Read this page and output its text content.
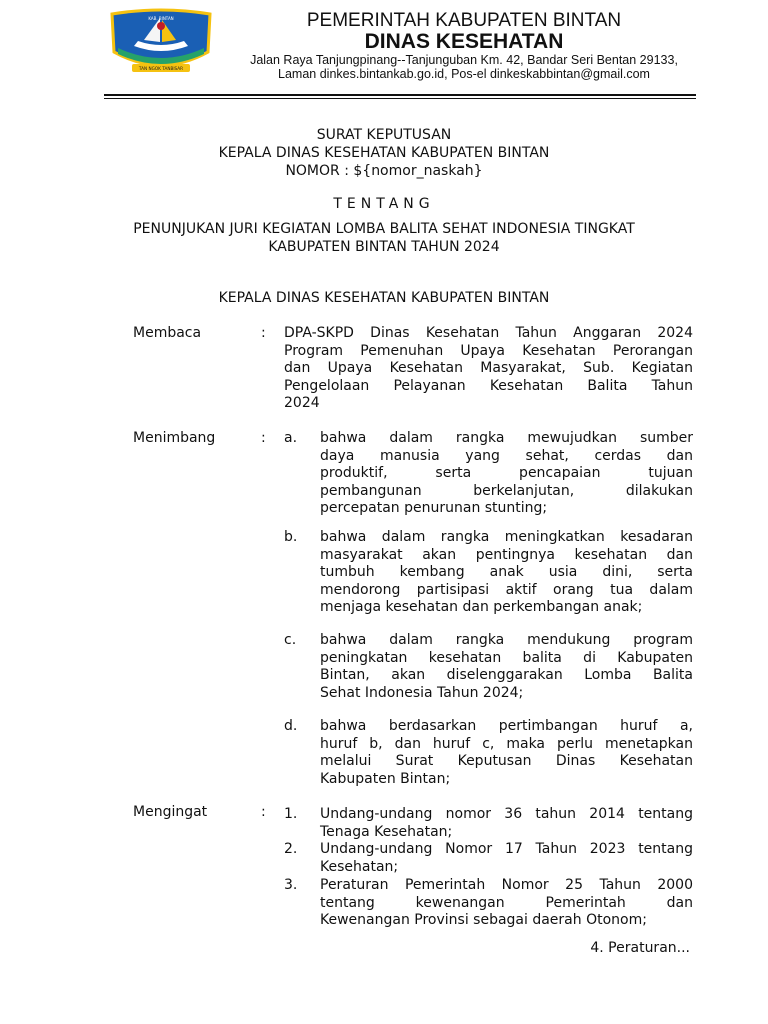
KAB. BINTAN
TAN NGOK TANBISAR
PEMERINTAH KABUPATEN BINTAN
DINAS KESEHATAN
Jalan Raya Tanjungpinang--Tanjunguban Km. 42, Bandar Seri Bentan 29133,
Laman dinkes.bintankab.go.id, Pos-el dinkeskabbintan@gmail.com
SURAT KEPUTUSAN
KEPALA DINAS KESEHATAN KABUPATEN BINTAN
NOMOR : ${nomor_naskah}
TENTANG
PENUNJUKAN JURI KEGIATAN LOMBA BALITA SEHAT INDONESIA TINGKAT
KABUPATEN BINTAN TAHUN 2024
KEPALA DINAS KESEHATAN KABUPATEN BINTAN
Membaca	: DPA-SKPD Dinas Kesehatan Tahun Anggaran 2024
Program Pemenuhan Upaya Kesehatan Perorangan
dan Upaya Kesehatan Masyarakat, Sub. Kegiatan
Pengelolaan Pelayanan Kesehatan Balita Tahun
2024
Menimbang	: a. bahwa dalam rangka mewujudkan sumber
daya manusia yang sehat, cerdas dan
produktif, serta pencapaian tujuan
pembangunan berkelanjutan, dilakukan
percepatan penurunan stunting;
b. bahwa dalam rangka meningkatkan kesadaran
masyarakat akan pentingnya kesehatan dan
tumbuh kembang anak usia dini, serta
mendorong partisipasi aktif orang tua dalam
menjaga kesehatan dan perkembangan anak;
c. bahwa dalam rangka mendukung program
peningkatan kesehatan balita di Kabupaten
Bintan, akan diselenggarakan Lomba Balita
Sehat Indonesia Tahun 2024;
d. bahwa berdasarkan pertimbangan huruf a,
huruf b, dan huruf c, maka perlu menetapkan
melalui Surat Keputusan Dinas Kesehatan
Kabupaten Bintan;
Mengingat	: 1. Undang-undang nomor 36 tahun 2014 tentang
Tenaga Kesehatan;
2. Undang-undang Nomor 17 Tahun 2023 tentang
Kesehatan;
3. Peraturan Pemerintah Nomor 25 Tahun 2000
tentang kewenangan Pemerintah dan
Kewenangan Provinsi sebagai daerah Otonom;
4. Peraturan...
